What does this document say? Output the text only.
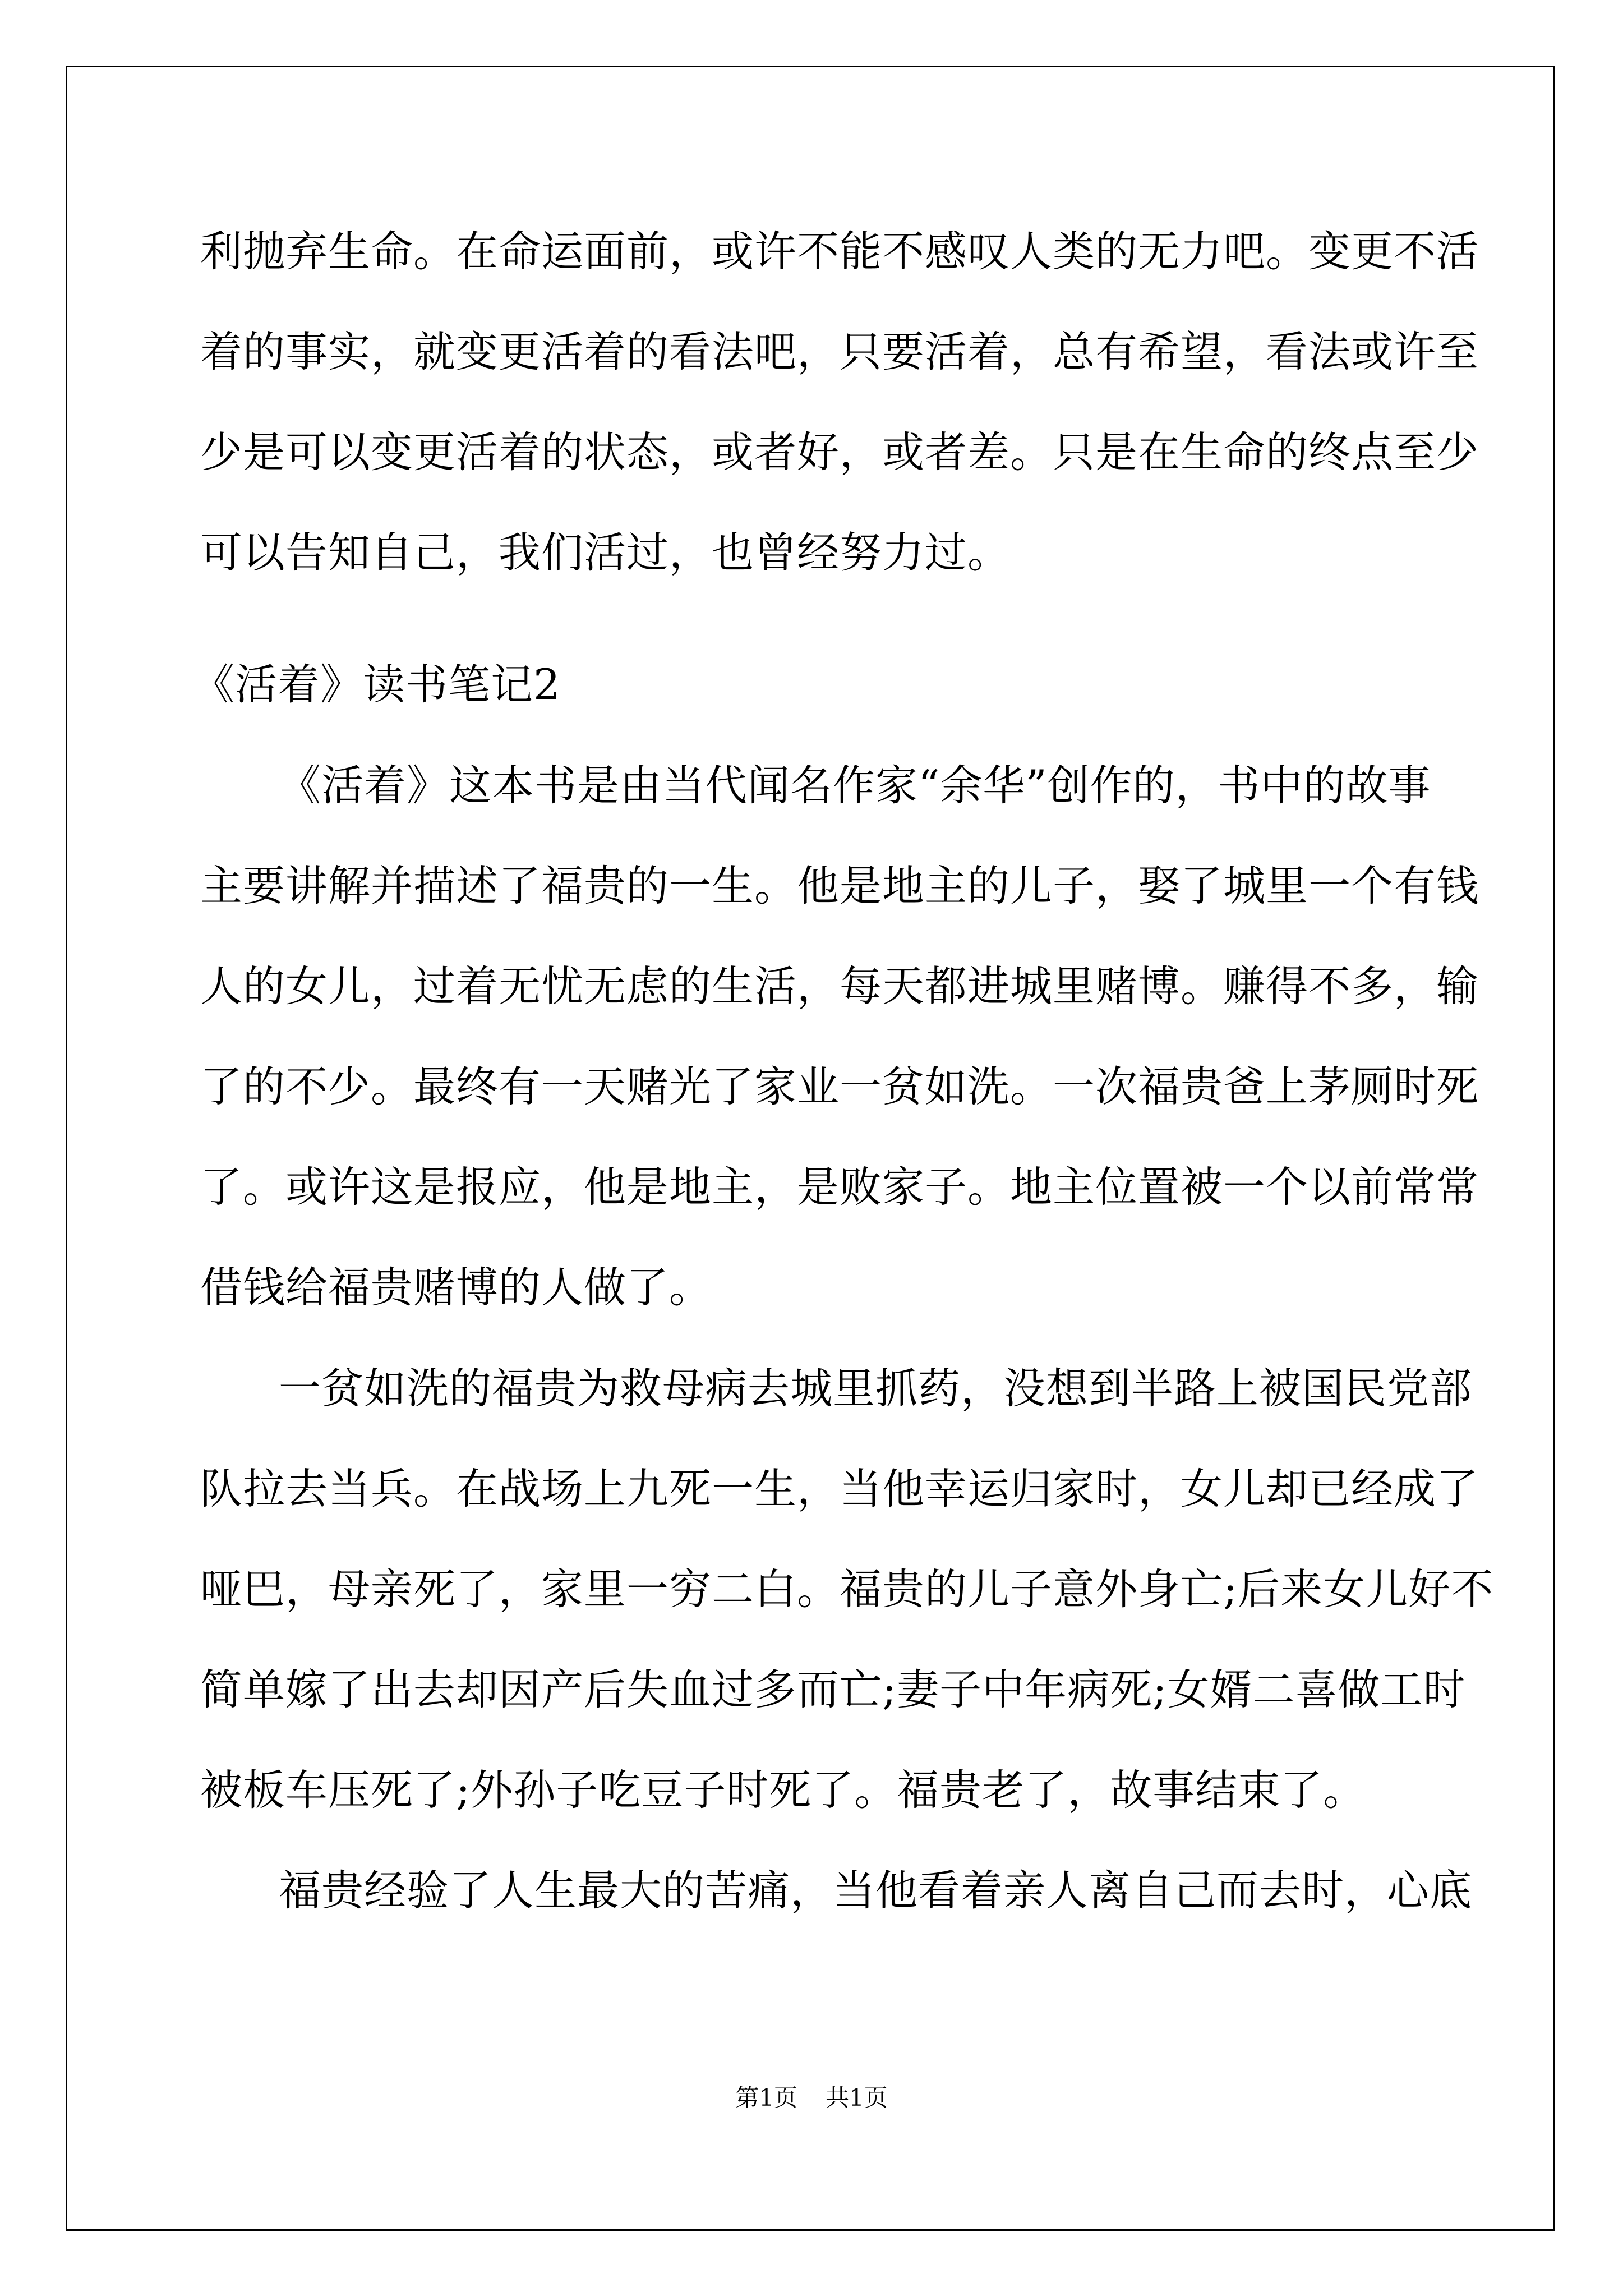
利抛弃生命。在命运面前，或许不能不感叹人类的无力吧。变更不活
着的事实，就变更活着的看法吧，只要活着，总有希望，看法或许至
少是可以变更活着的状态，或者好，或者差。只是在生命的终点至少
可以告知自己，我们活过，也曾经努力过。
《活着》读书笔记2
《活着》这本书是由当代闻名作家“余华”创作的，书中的故事
主要讲解并描述了福贵的一生。他是地主的儿子，娶了城里一个有钱
人的女儿，过着无忧无虑的生活，每天都进城里赌博。赚得不多，输
了的不少。最终有一天赌光了家业一贫如洗。一次福贵爸上茅厕时死
了。或许这是报应，他是地主，是败家子。地主位置被一个以前常常
借钱给福贵赌博的人做了。
一贫如洗的福贵为救母病去城里抓药，没想到半路上被国民党部
队拉去当兵。在战场上九死一生，当他幸运归家时，女儿却已经成了
哑巴，母亲死了，家里一穷二白。福贵的儿子意外身亡;后来女儿好不
简单嫁了出去却因产后失血过多而亡;妻子中年病死;女婿二喜做工时
被板车压死了;外孙子吃豆子时死了。福贵老了，故事结束了。
福贵经验了人生最大的苦痛，当他看着亲人离自己而去时，心底
第1页 共1页
